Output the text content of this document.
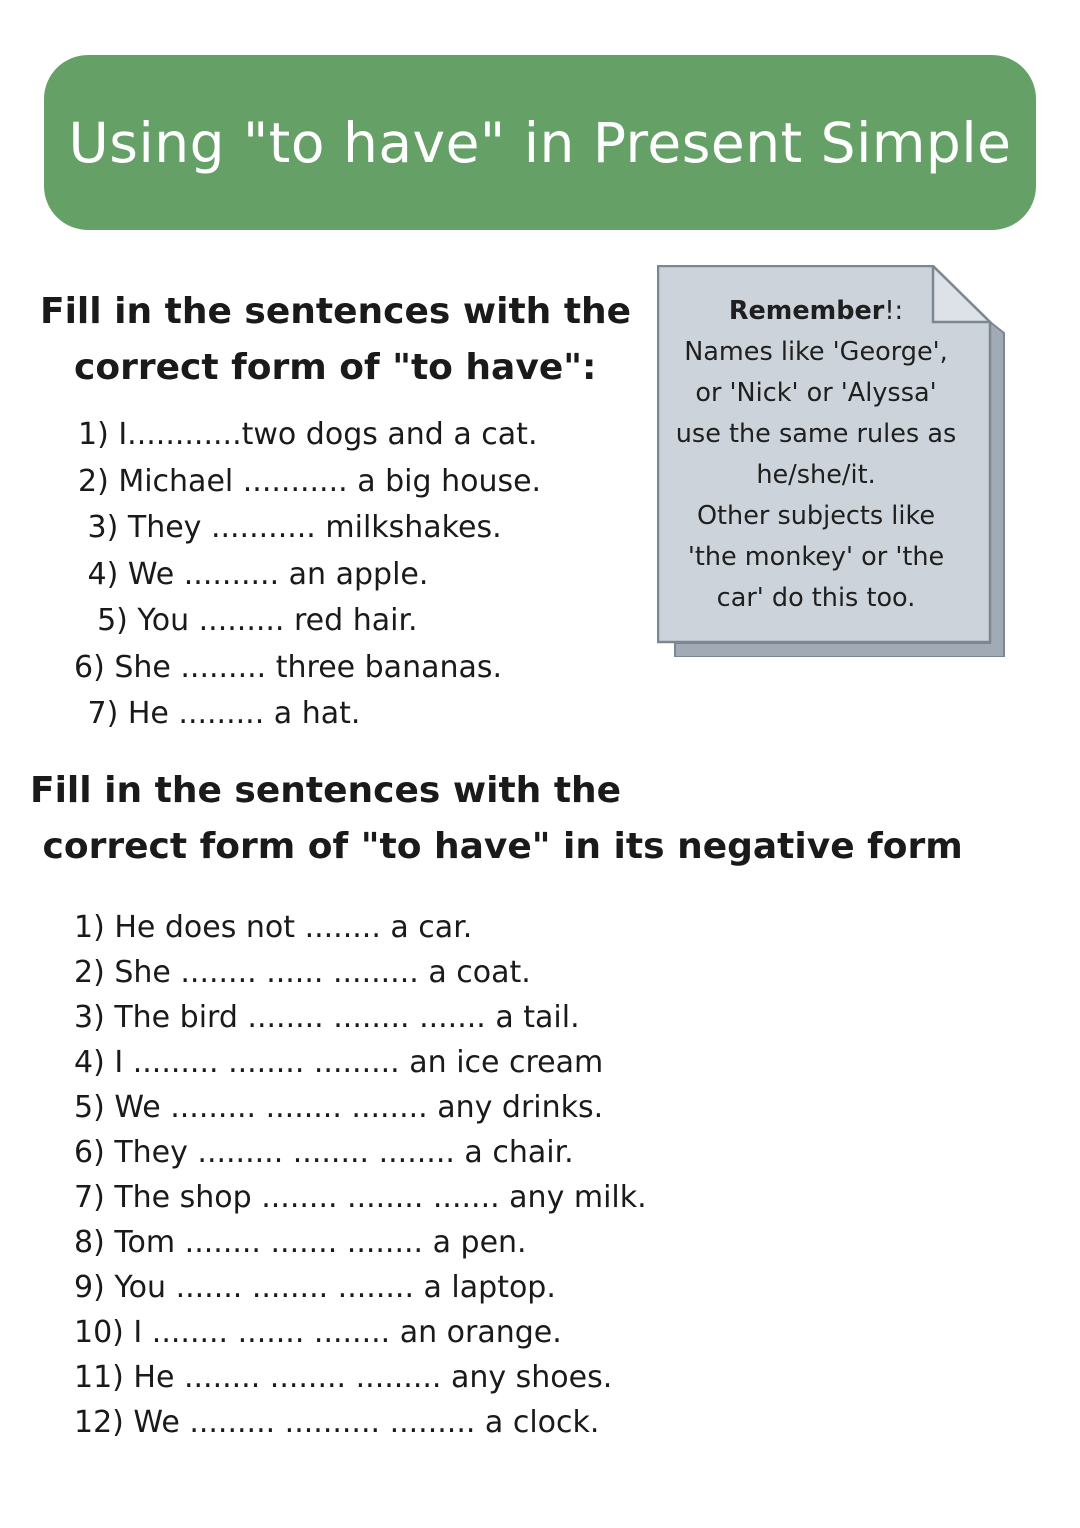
Using "to have" in Present Simple
Fill in the sentences with the
correct form of "to have":
1) I............two dogs and a cat.
2) Michael ........... a big house.
3) They ........... milkshakes.
4) We .......... an apple.
5) You ......... red hair.
6) She ......... three bananas.
7) He ......... a hat.
Remember!:
Names like 'George',
or 'Nick' or 'Alyssa'
use the same rules as
he/she/it.
Other subjects like
'the monkey' or 'the
car' do this too.
Fill in the sentences with the
correct form of "to have" in its negative form
1) He does not ........ a car.
2) She ........ ...... ......... a coat.
3) The bird ........ ........ ....... a tail.
4) I ......... ........ ......... an ice cream
5) We ......... ........ ........ any drinks.
6) They ......... ........ ........ a chair.
7) The shop ........ ........ ....... any milk.
8) Tom ........ ....... ........ a pen.
9) You ....... ........ ........ a laptop.
10) I ........ ....... ........ an orange.
11) He ........ ........ ......... any shoes.
12) We ......... .......... ......... a clock.
